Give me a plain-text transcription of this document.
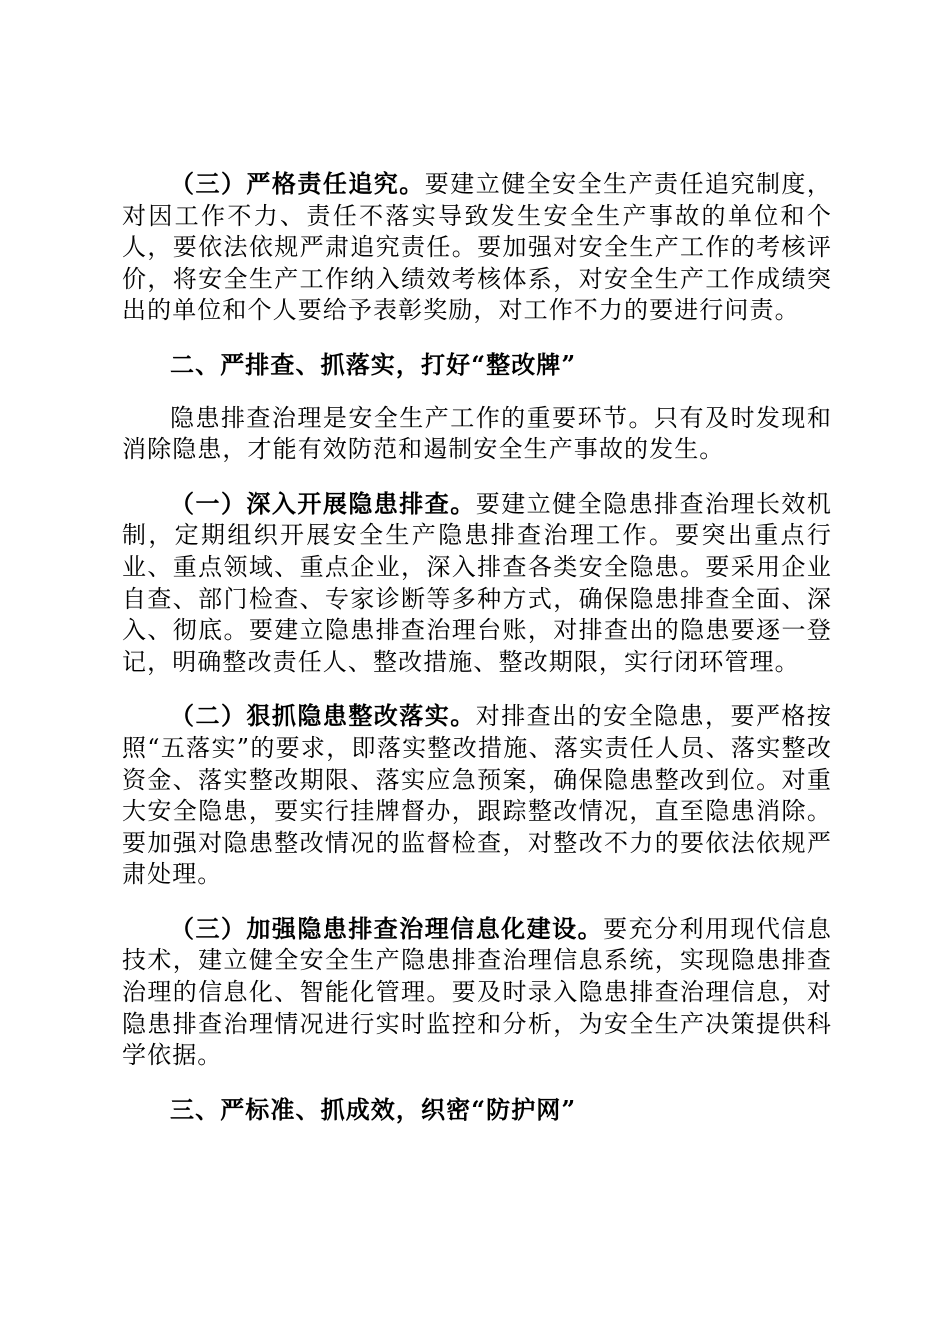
（三）严格责任追究。要建立健全安全生产责任追究制度，对因工作不力、责任不落实导致发生安全生产事故的单位和个人，要依法依规严肃追究责任。要加强对安全生产工作的考核评价，将安全生产工作纳入绩效考核体系，对安全生产工作成绩突出的单位和个人要给予表彰奖励，对工作不力的要进行问责。

二、严排查、抓落实，打好“整改牌”

隐患排查治理是安全生产工作的重要环节。只有及时发现和消除隐患，才能有效防范和遏制安全生产事故的发生。

（一）深入开展隐患排查。要建立健全隐患排查治理长效机制，定期组织开展安全生产隐患排查治理工作。要突出重点行业、重点领域、重点企业，深入排查各类安全隐患。要采用企业自查、部门检查、专家诊断等多种方式，确保隐患排查全面、深入、彻底。要建立隐患排查治理台账，对排查出的隐患要逐一登记，明确整改责任人、整改措施、整改期限，实行闭环管理。

（二）狠抓隐患整改落实。对排查出的安全隐患，要严格按照“五落实”的要求，即落实整改措施、落实责任人员、落实整改资金、落实整改期限、落实应急预案，确保隐患整改到位。对重大安全隐患，要实行挂牌督办，跟踪整改情况，直至隐患消除。要加强对隐患整改情况的监督检查，对整改不力的要依法依规严肃处理。

（三）加强隐患排查治理信息化建设。要充分利用现代信息技术，建立健全安全生产隐患排查治理信息系统，实现隐患排查治理的信息化、智能化管理。要及时录入隐患排查治理信息，对隐患排查治理情况进行实时监控和分析，为安全生产决策提供科学依据。

三、严标准、抓成效，织密“防护网”
